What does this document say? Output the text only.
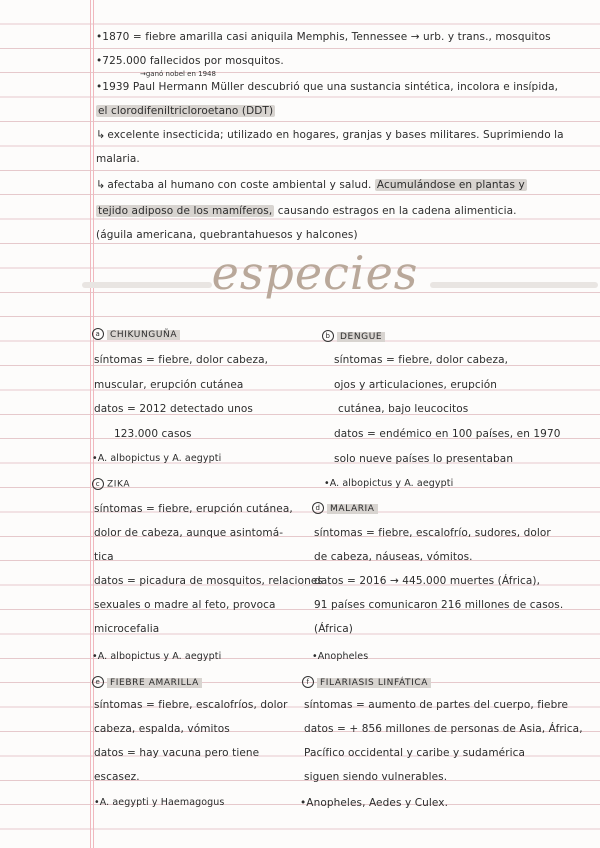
•1870 = fiebre amarilla casi aniquila Memphis, Tennessee → urb. y trans., mosquitos
•725.000 fallecidos por mosquitos.
→ganó nobel en 1948
•1939 Paul Hermann Müller descubrió que una sustancia sintética, incolora e insípida,
el clorodifeniltricloroetano (DDT)
↳ excelente insecticida; utilizado en hogares, granjas y bases militares. Suprimiendo la
malaria.
↳ afectaba al humano con coste ambiental y salud. Acumulándose en plantas y
tejido adiposo de los mamíferos, causando estragos en la cadena alimenticia.
(águila americana, quebrantahuesos y halcones)
especies
a CHIKUNGUÑA
síntomas = fiebre, dolor cabeza,
muscular, erupción cutánea
datos = 2012 detectado unos
123.000 casos
•A. albopictus y A. aegypti
b DENGUE
síntomas = fiebre, dolor cabeza,
ojos y articulaciones, erupción
cutánea, bajo leucocitos
datos = endémico en 100 países, en 1970
solo nueve países lo presentaban
•A. albopictus y A. aegypti
c ZIKA
síntomas = fiebre, erupción cutánea,
dolor de cabeza, aunque asintomá-
tica
datos = picadura de mosquitos, relaciones
sexuales o madre al feto, provoca
microcefalia
•A. albopictus y A. aegypti
d MALARIA
síntomas = fiebre, escalofrío, sudores, dolor
de cabeza, náuseas, vómitos.
datos = 2016 → 445.000 muertes (África),
91 países comunicaron 216 millones de casos.
(África)
•Anopheles
e FIEBRE AMARILLA
síntomas = fiebre, escalofríos, dolor
cabeza, espalda, vómitos
datos = hay vacuna pero tiene
escasez.
•A. aegypti y Haemagogus
f FILARIASIS LINFÁTICA
síntomas = aumento de partes del cuerpo, fiebre
datos = + 856 millones de personas de Asia, África,
Pacífico occidental y caribe y sudamérica
siguen siendo vulnerables.
•Anopheles, Aedes y Culex.
